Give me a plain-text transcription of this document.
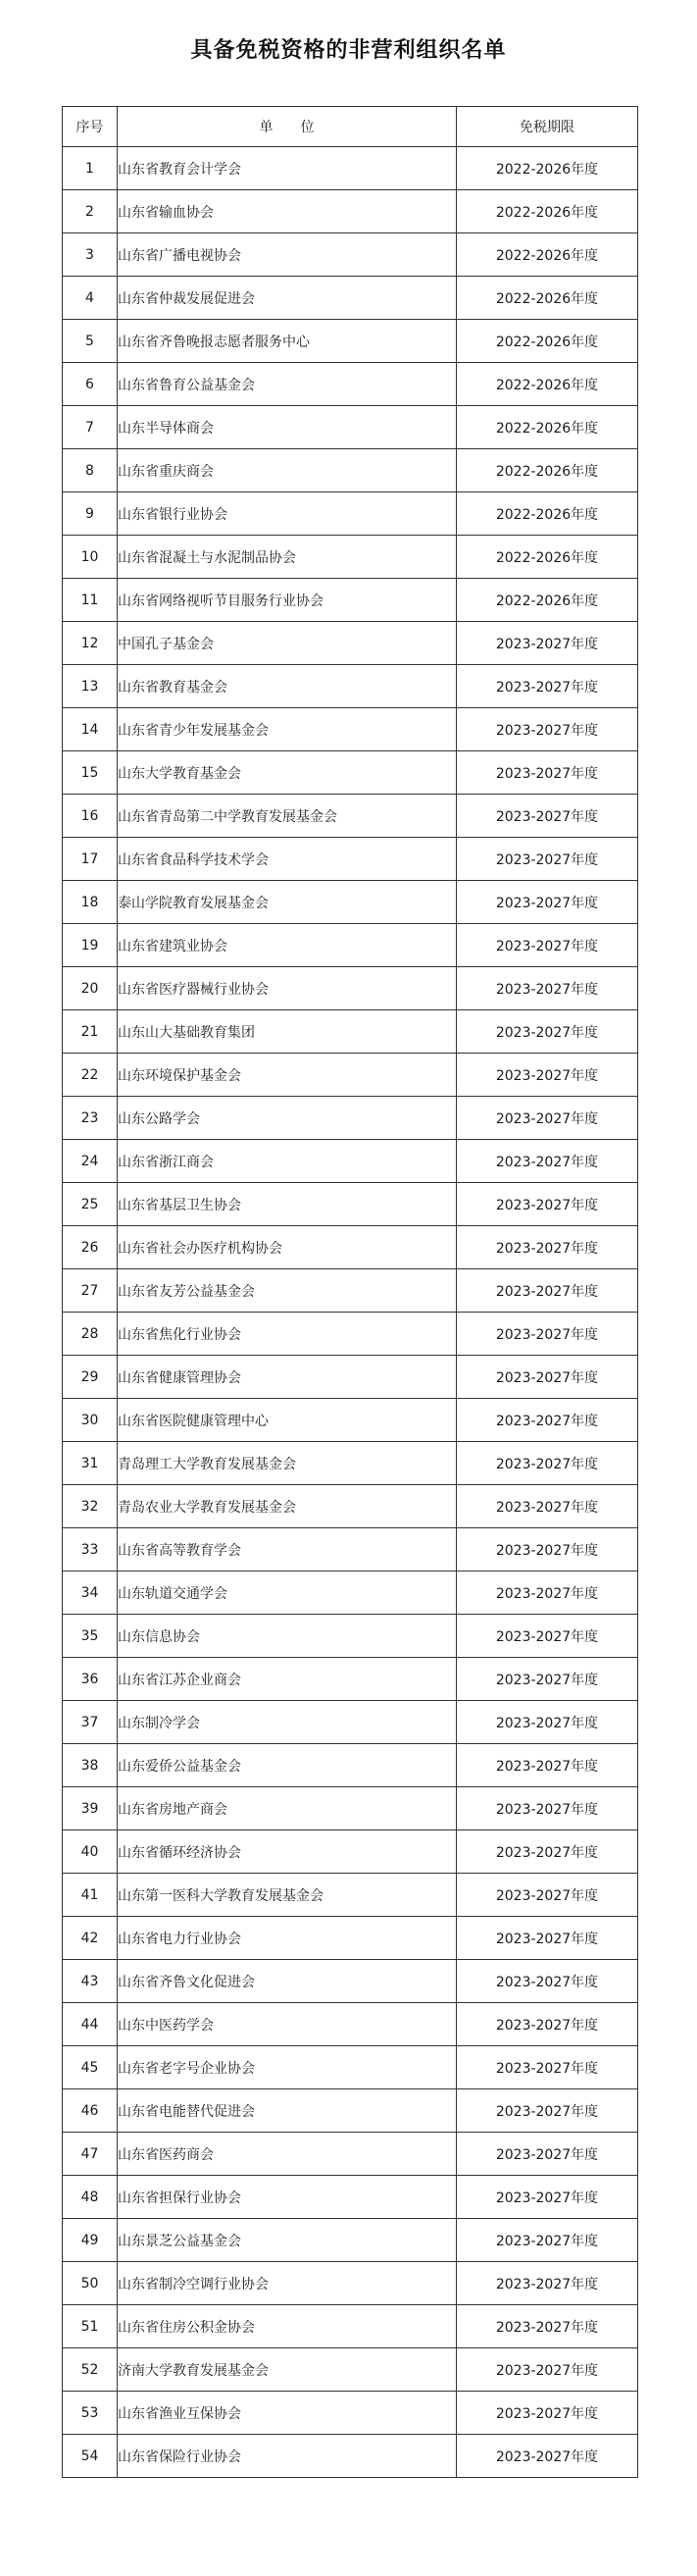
具备免税资格的非营利组织名单
序号	单　　位	免税期限
1	山东省教育会计学会	2022-2026年度
2	山东省输血协会	2022-2026年度
3	山东省广播电视协会	2022-2026年度
4	山东省仲裁发展促进会	2022-2026年度
5	山东省齐鲁晚报志愿者服务中心	2022-2026年度
6	山东省鲁育公益基金会	2022-2026年度
7	山东半导体商会	2022-2026年度
8	山东省重庆商会	2022-2026年度
9	山东省银行业协会	2022-2026年度
10	山东省混凝土与水泥制品协会	2022-2026年度
11	山东省网络视听节目服务行业协会	2022-2026年度
12	中国孔子基金会	2023-2027年度
13	山东省教育基金会	2023-2027年度
14	山东省青少年发展基金会	2023-2027年度
15	山东大学教育基金会	2023-2027年度
16	山东省青岛第二中学教育发展基金会	2023-2027年度
17	山东省食品科学技术学会	2023-2027年度
18	泰山学院教育发展基金会	2023-2027年度
19	山东省建筑业协会	2023-2027年度
20	山东省医疗器械行业协会	2023-2027年度
21	山东山大基础教育集团	2023-2027年度
22	山东环境保护基金会	2023-2027年度
23	山东公路学会	2023-2027年度
24	山东省浙江商会	2023-2027年度
25	山东省基层卫生协会	2023-2027年度
26	山东省社会办医疗机构协会	2023-2027年度
27	山东省友芳公益基金会	2023-2027年度
28	山东省焦化行业协会	2023-2027年度
29	山东省健康管理协会	2023-2027年度
30	山东省医院健康管理中心	2023-2027年度
31	青岛理工大学教育发展基金会	2023-2027年度
32	青岛农业大学教育发展基金会	2023-2027年度
33	山东省高等教育学会	2023-2027年度
34	山东轨道交通学会	2023-2027年度
35	山东信息协会	2023-2027年度
36	山东省江苏企业商会	2023-2027年度
37	山东制冷学会	2023-2027年度
38	山东爱侨公益基金会	2023-2027年度
39	山东省房地产商会	2023-2027年度
40	山东省循环经济协会	2023-2027年度
41	山东第一医科大学教育发展基金会	2023-2027年度
42	山东省电力行业协会	2023-2027年度
43	山东省齐鲁文化促进会	2023-2027年度
44	山东中医药学会	2023-2027年度
45	山东省老字号企业协会	2023-2027年度
46	山东省电能替代促进会	2023-2027年度
47	山东省医药商会	2023-2027年度
48	山东省担保行业协会	2023-2027年度
49	山东景芝公益基金会	2023-2027年度
50	山东省制冷空调行业协会	2023-2027年度
51	山东省住房公积金协会	2023-2027年度
52	济南大学教育发展基金会	2023-2027年度
53	山东省渔业互保协会	2023-2027年度
54	山东省保险行业协会	2023-2027年度
